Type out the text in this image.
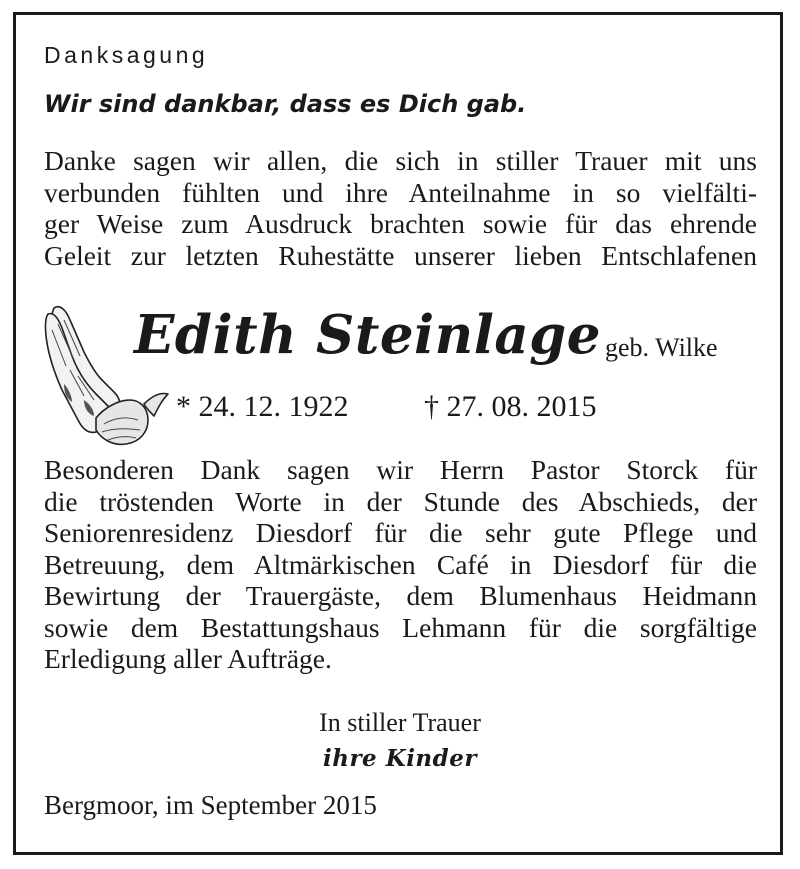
Danksagung
Wir sind dankbar, dass es Dich gab.
Danke sagen wir allen, die sich in stiller Trauer mit uns
verbunden fühlten und ihre Anteilnahme in so vielfälti-
ger Weise zum Ausdruck brachten sowie für das ehrende
Geleit zur letzten Ruhestätte unserer lieben Entschlafenen
Edith Steinlage geb. Wilke
* 24. 12. 1922	† 27. 08. 2015
Besonderen Dank sagen wir Herrn Pastor Storck für
die tröstenden Worte in der Stunde des Abschieds, der
Seniorenresidenz Diesdorf für die sehr gute Pflege und
Betreuung, dem Altmärkischen Café in Diesdorf für die
Bewirtung der Trauergäste, dem Blumenhaus Heidmann
sowie dem Bestattungshaus Lehmann für die sorgfältige
Erledigung aller Aufträge.
In stiller Trauer
ihre Kinder
Bergmoor, im September 2015
